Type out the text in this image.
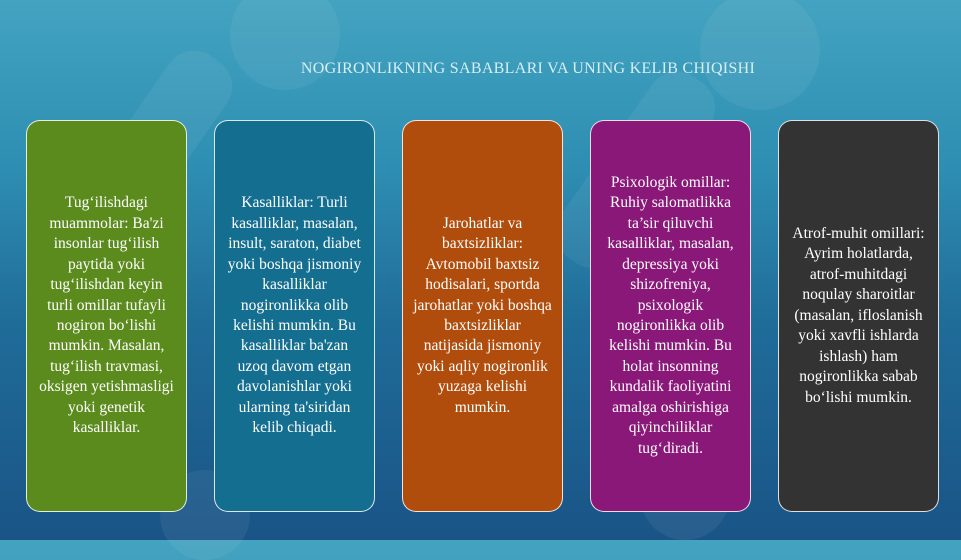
NOGIRONLIKNING SABABLARI VA UNING KELIB CHIQISHI
Tug‘ilishdagi muammolar: Ba'zi insonlar tug‘ilish paytida yoki tug‘ilishdan keyin turli omillar tufayli nogiron bo‘lishi mumkin. Masalan, tug‘ilish travmasi, oksigen yetishmasligi yoki genetik kasalliklar.
Kasalliklar: Turli kasalliklar, masalan, insult, saraton, diabet yoki boshqa jismoniy kasalliklar nogironlikka olib kelishi mumkin. Bu kasalliklar ba'zan uzoq davom etgan davolanishlar yoki ularning ta'siridan kelib chiqadi.
Jarohatlar va baxtsizliklar: Avtomobil baxtsiz hodisalari, sportda jarohatlar yoki boshqa baxtsizliklar natijasida jismoniy yoki aqliy nogironlik yuzaga kelishi mumkin.
Psixologik omillar: Ruhiy salomatlikka ta’sir qiluvchi kasalliklar, masalan, depressiya yoki shizofreniya, psixologik nogironlikka olib kelishi mumkin. Bu holat insonning kundalik faoliyatini amalga oshirishiga qiyinchiliklar tug‘diradi.
Atrof-muhit omillari: Ayrim holatlarda, atrof-muhitdagi noqulay sharoitlar (masalan, ifloslanish yoki xavfli ishlarda ishlash) ham nogironlikka sabab bo‘lishi mumkin.
